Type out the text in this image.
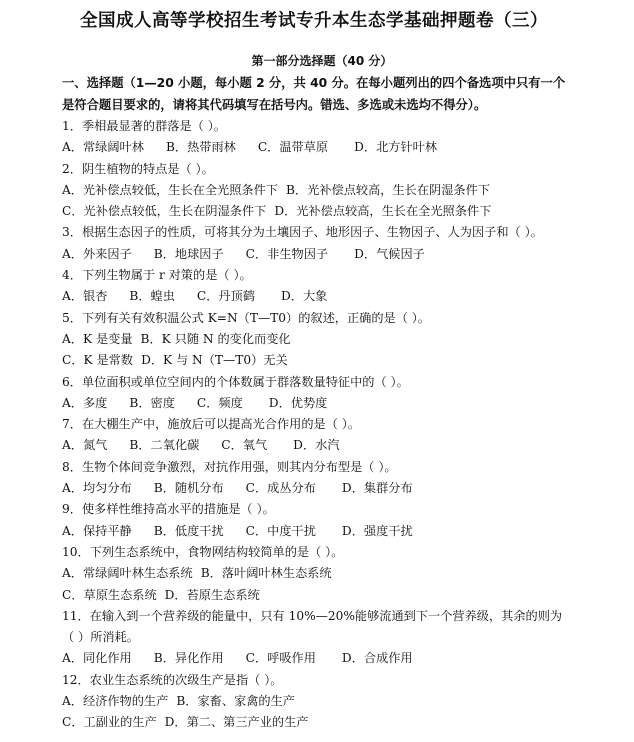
全国成人高等学校招生考试专升本生态学基础押题卷（三）
第一部分选择题（40 分）
一、选择题（1—20 小题，每小题 2 分，共 40 分。在每小题列出的四个备选项中只有一个
是符合题目要求的，请将其代码填写在括号内。错选、多选或未选均不得分）。
1．季相最显著的群落是（ ）。
A．常绿阔叶林 B．热带雨林 C．温带草原 D．北方针叶林
2．阴生植物的特点是（ ）。
A．光补偿点较低，生长在全光照条件下 B．光补偿点较高，生长在阴湿条件下
C．光补偿点较低，生长在阴湿条件下 D．光补偿点较高，生长在全光照条件下
3．根据生态因子的性质，可将其分为土壤因子、地形因子、生物因子、人为因子和（ ）。
A．外来因子 B．地球因子 C．非生物因子 D．气候因子
4．下列生物属于 r 对策的是（ ）。
A．银杏 B．蝗虫 C．丹顶鹤 D．大象
5．下列有关有效积温公式 K=N（T—T0）的叙述，正确的是（ ）。
A．K 是变量 B．K 只随 N 的变化而变化
C．K 是常数 D．K 与 N（T—T0）无关
6．单位面积或单位空间内的个体数属于群落数量特征中的（ ）。
A．多度 B．密度 C．频度 D．优势度
7．在大棚生产中，施放后可以提高光合作用的是（ ）。
A．氮气 B．二氧化碳 C．氧气 D．水汽
8．生物个体间竞争激烈，对抗作用强，则其内分布型是（ ）。
A．均匀分布 B．随机分布 C．成丛分布 D．集群分布
9．使多样性维持高水平的措施是（ ）。
A．保持平静 B．低度干扰 C．中度干扰 D．强度干扰
10．下列生态系统中，食物网结构较简单的是（ ）。
A．常绿阔叶林生态系统 B．落叶阔叶林生态系统
C．草原生态系统 D．苔原生态系统
11．在输入到一个营养级的能量中，只有 10%—20%能够流通到下一个营养级，其余的则为
（ ）所消耗。
A．同化作用 B．异化作用 C．呼吸作用 D．合成作用
12．农业生态系统的次级生产是指（ ）。
A．经济作物的生产 B．家畜、家禽的生产
C．工副业的生产 D．第二、第三产业的生产
